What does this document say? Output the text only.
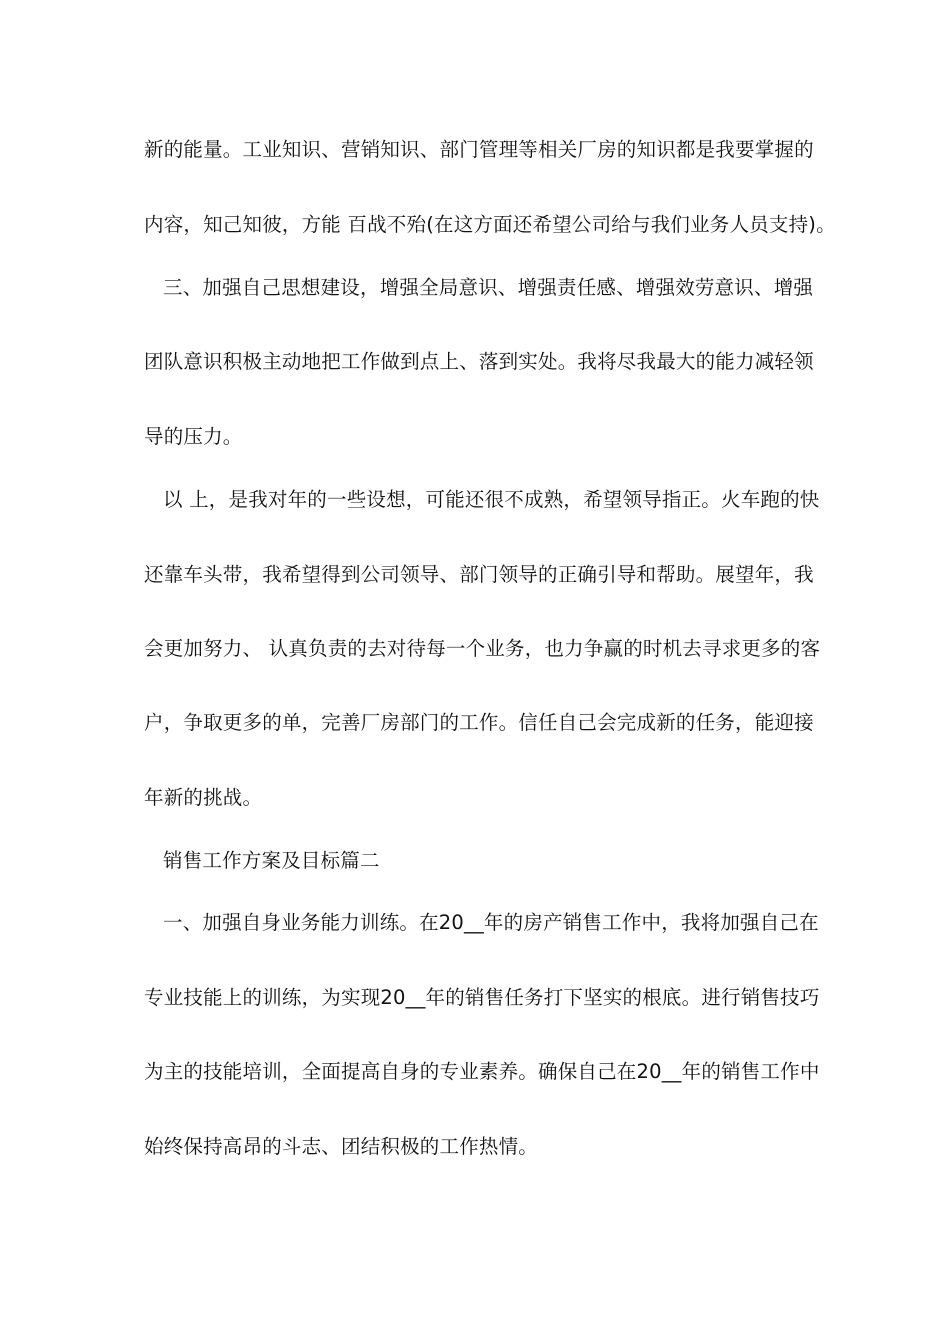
新的能量。工业知识、营销知识、部门管理等相关厂房的知识都是我要掌握的
内容，知己知彼，方能 百战不殆(在这方面还希望公司给与我们业务人员支持)。
三、加强自己思想建设，增强全局意识、增强责任感、增强效劳意识、增强
团队意识积极主动地把工作做到点上、落到实处。我将尽我最大的能力减轻领
导的压力。
以 上，是我对年的一些设想，可能还很不成熟，希望领导指正。火车跑的快
还靠车头带，我希望得到公司领导、部门领导的正确引导和帮助。展望年，我
会更加努力、 认真负责的去对待每一个业务，也力争赢的时机去寻求更多的客
户，争取更多的单，完善厂房部门的工作。信任自己会完成新的任务，能迎接
年新的挑战。
销售工作方案及目标篇二
一、加强自身业务能力训练。在20__年的房产销售工作中，我将加强自己在
专业技能上的训练，为实现20__年的销售任务打下坚实的根底。进行销售技巧
为主的技能培训，全面提高自身的专业素养。确保自己在20__年的销售工作中
始终保持高昂的斗志、团结积极的工作热情。
